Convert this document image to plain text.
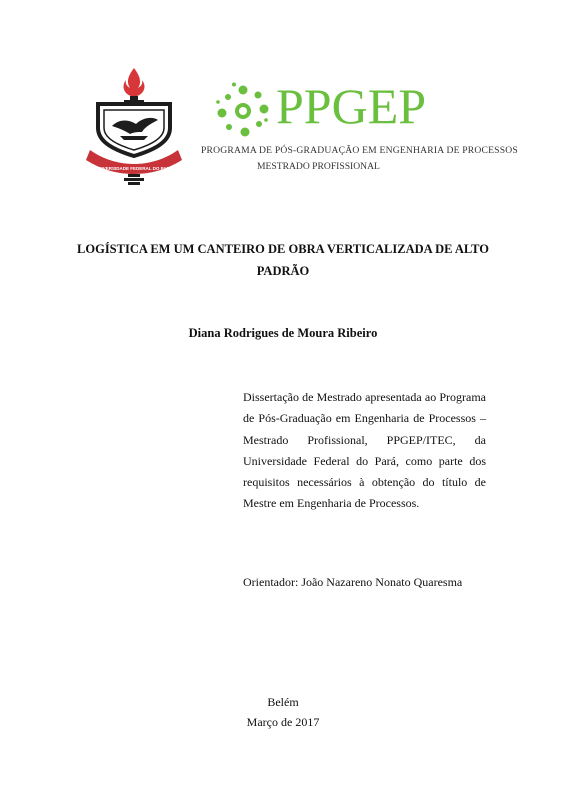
UNIVERSIDADE FEDERAL DO PARÁ
PPGEP
PROGRAMA DE PÓS-GRADUAÇÃO EM ENGENHARIA DE PROCESSOS
MESTRADO PROFISSIONAL
LOGÍSTICA EM UM CANTEIRO DE OBRA VERTICALIZADA DE ALTO PADRÃO
Diana Rodrigues de Moura Ribeiro
Dissertação de Mestrado apresentada ao Programa de Pós-Graduação em Engenharia de Processos – Mestrado Profissional, PPGEP/ITEC, da Universidade Federal do Pará, como parte dos requisitos necessários à obtenção do título de Mestre em Engenharia de Processos.
Orientador: João Nazareno Nonato Quaresma
Belém
Março de 2017
